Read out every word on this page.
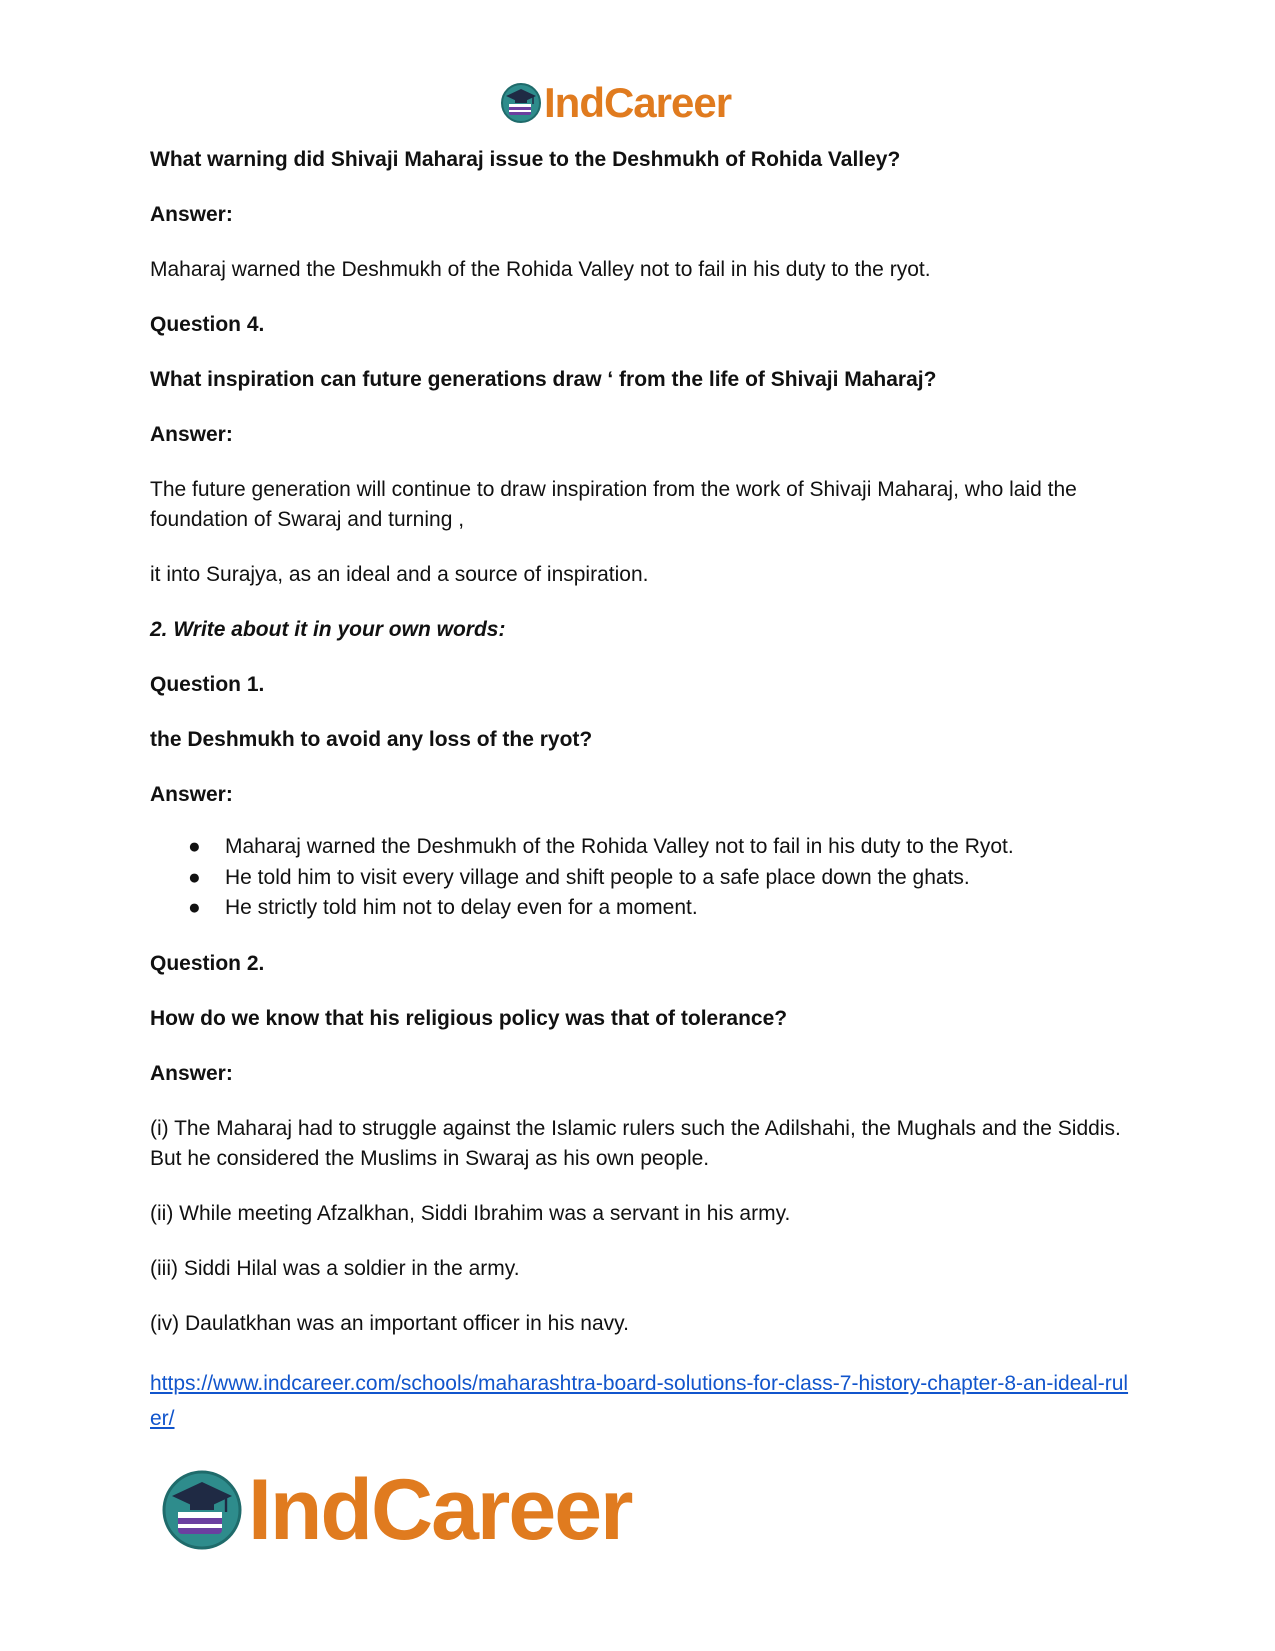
IndCareer

What warning did Shivaji Maharaj issue to the Deshmukh of Rohida Valley?

Answer:

Maharaj warned the Deshmukh of the Rohida Valley not to fail in his duty to the ryot.

Question 4.

What inspiration can future generations draw ‘ from the life of Shivaji Maharaj?

Answer:

The future generation will continue to draw inspiration from the work of Shivaji Maharaj, who laid the foundation of Swaraj and turning ,

it into Surajya, as an ideal and a source of inspiration.

2. Write about it in your own words:

Question 1.

the Deshmukh to avoid any loss of the ryot?

Answer:

● Maharaj warned the Deshmukh of the Rohida Valley not to fail in his duty to the Ryot.
● He told him to visit every village and shift people to a safe place down the ghats.
● He strictly told him not to delay even for a moment.

Question 2.

How do we know that his religious policy was that of tolerance?

Answer:

(i) The Maharaj had to struggle against the Islamic rulers such the Adilshahi, the Mughals and the Siddis. But he considered the Muslims in Swaraj as his own people.

(ii) While meeting Afzalkhan, Siddi Ibrahim was a servant in his army.

(iii) Siddi Hilal was a soldier in the army.

(iv) Daulatkhan was an important officer in his navy.

https://www.indcareer.com/schools/maharashtra-board-solutions-for-class-7-history-chapter-8-an-ideal-ruler/
IndCareer
